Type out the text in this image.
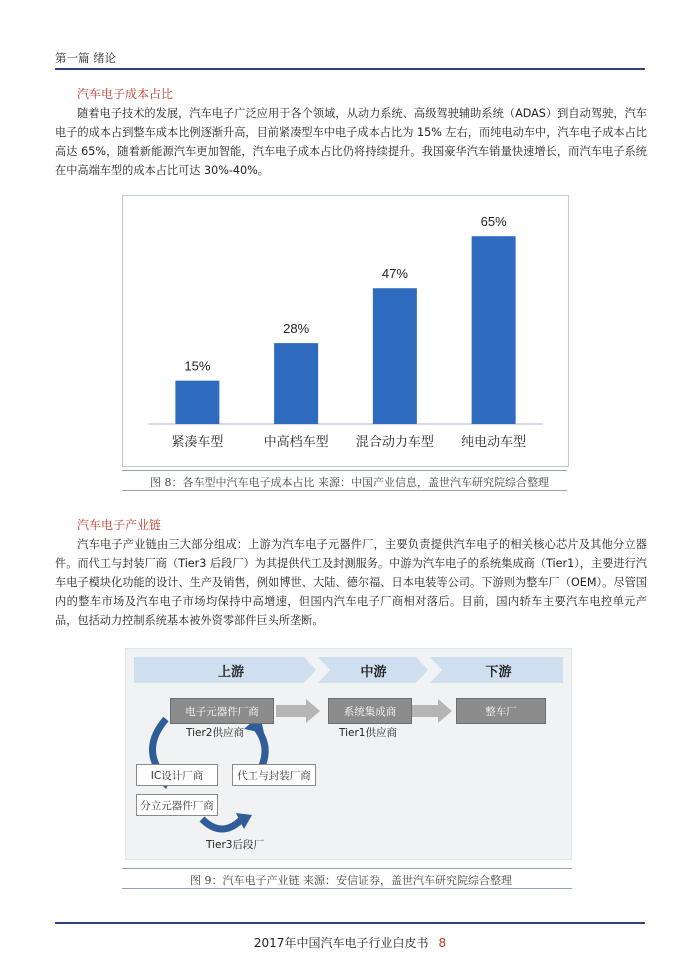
第一篇 绪论
汽车电子成本占比
随着电子技术的发展，汽车电子广泛应用于各个领域，从动力系统、高级驾驶辅助系统（ADAS）到自动驾驶，汽车电子的成本占到整车成本比例逐渐升高，目前紧凑型车中电子成本占比为 15% 左右，而纯电动车中，汽车电子成本占比高达 65%，随着新能源汽车更加智能，汽车电子成本占比仍将持续提升。我国豪华汽车销量快速增长，而汽车电子系统在中高端车型的成本占比可达 30%-40%。
15%
紧凑车型
28%
中高档车型
47%
混合动力车型
65%
纯电动车型
图 8：各车型中汽车电子成本占比 来源：中国产业信息，盖世汽车研究院综合整理
汽车电子产业链
汽车电子产业链由三大部分组成：上游为汽车电子元器件厂，主要负责提供汽车电子的相关核心芯片及其他分立器件。而代工与封装厂商（Tier3 后段厂）为其提供代工及封测服务。中游为汽车电子的系统集成商（Tier1），主要进行汽车电子模块化功能的设计、生产及销售，例如博世、大陆、德尔福、日本电装等公司。下游则为整车厂（OEM）。尽管国内的整车市场及汽车电子市场均保持中高增速，但国内汽车电子厂商相对落后。目前，国内轿车主要汽车电控单元产品，包括动力控制系统基本被外资零部件巨头所垄断。
上游	中游	下游
电子元器件厂商
Tier2供应商
系统集成商
Tier1供应商
整车厂
IC设计厂商	代工与封装厂商
分立元器件厂商
Tier3后段厂
图 9：汽车电子产业链 来源：安信证券，盖世汽车研究院综合整理
2017年中国汽车电子行业白皮书 8
